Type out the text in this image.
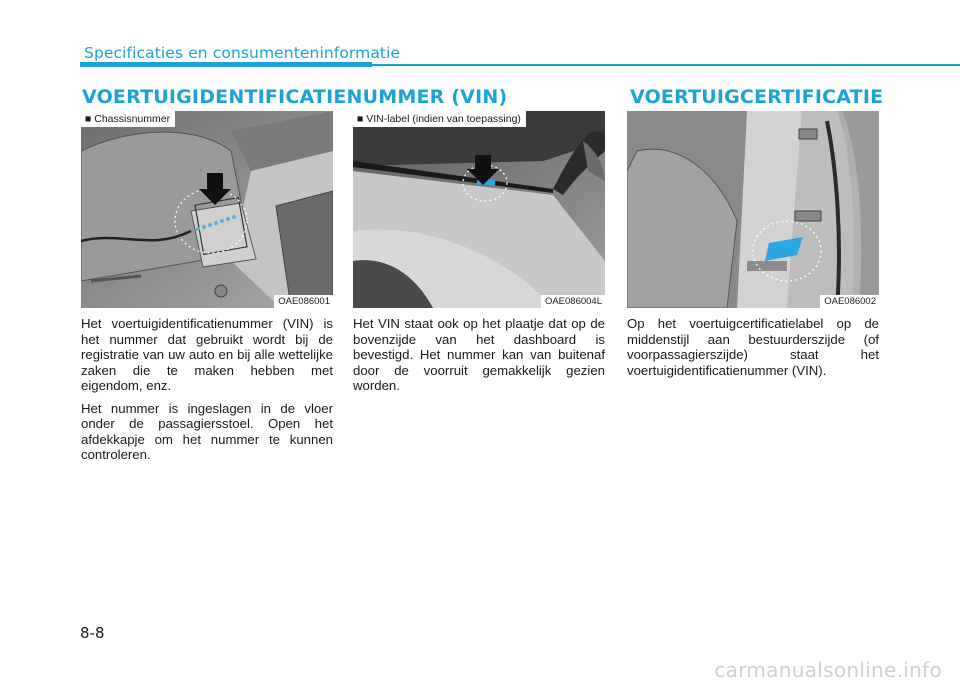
Specificaties en consumenteninformatie
VOERTUIGIDENTIFICATIENUMMER (VIN)	VOERTUIGCERTIFICATIE
■ Chassisnummer
OAE086001
■ VIN-label (indien van toepassing)
OAE086004L	OAE086002

Het voertuigidentificatienummer (VIN) is het nummer dat gebruikt wordt bij de registratie van uw auto en bij alle wettelijke zaken die te maken hebben met eigendom, enz.

Het nummer is ingeslagen in de vloer onder de passagiersstoel. Open het afdekkapje om het nummer te kunnen controleren.

Het VIN staat ook op het plaatje dat op de bovenzijde van het dashboard is bevestigd. Het nummer kan van buitenaf door de voorruit gemakkelijk gezien worden.

Op het voertuigcertificatielabel op de middenstijl aan bestuurderszijde (of voorpassagierszijde) staat het voertuigidentificatienummer (VIN).

8-8
carmanualsonline.info
